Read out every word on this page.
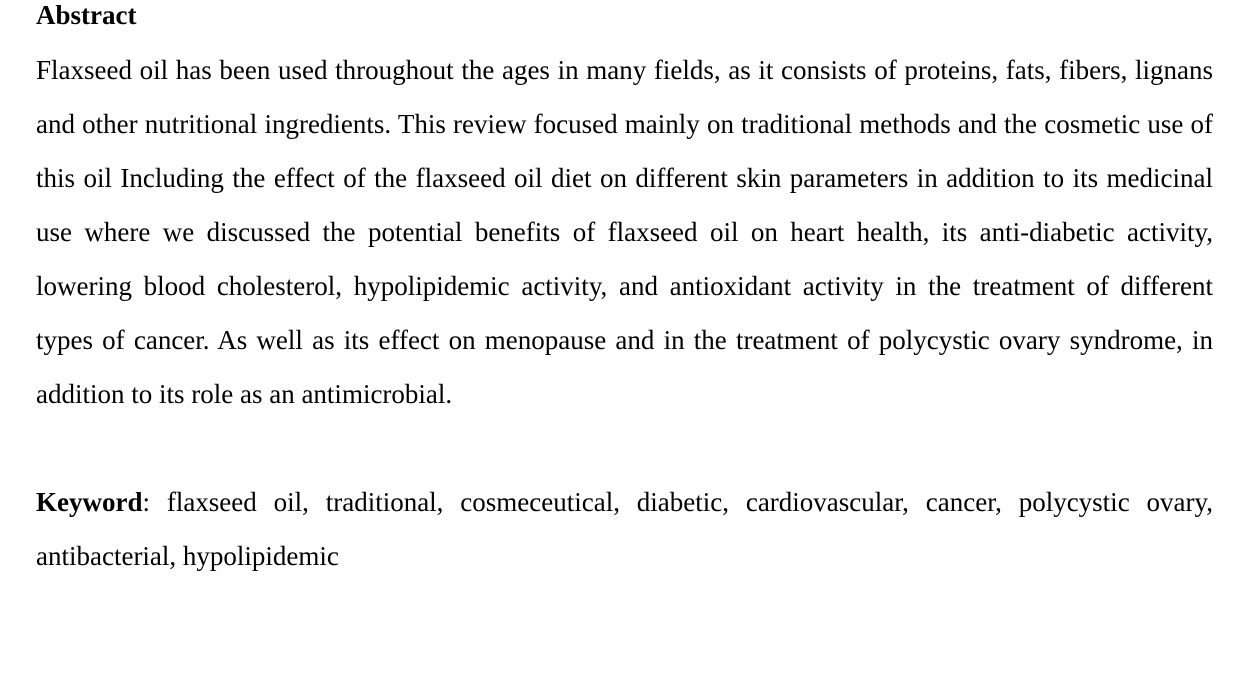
Abstract

Flaxseed oil has been used throughout the ages in many fields, as it consists of proteins, fats, fibers, lignans and other nutritional ingredients. This review focused mainly on traditional methods and the cosmetic use of this oil Including the effect of the flaxseed oil diet on different skin parameters in addition to its medicinal use where we discussed the potential benefits of flaxseed oil on heart health, its anti-diabetic activity, lowering blood cholesterol, hypolipidemic activity, and antioxidant activity in the treatment of different types of cancer. As well as its effect on menopause and in the treatment of polycystic ovary syndrome, in addition to its role as an antimicrobial.

Keyword: flaxseed oil, traditional, cosmeceutical, diabetic, cardiovascular, cancer, polycystic ovary, antibacterial, hypolipidemic
